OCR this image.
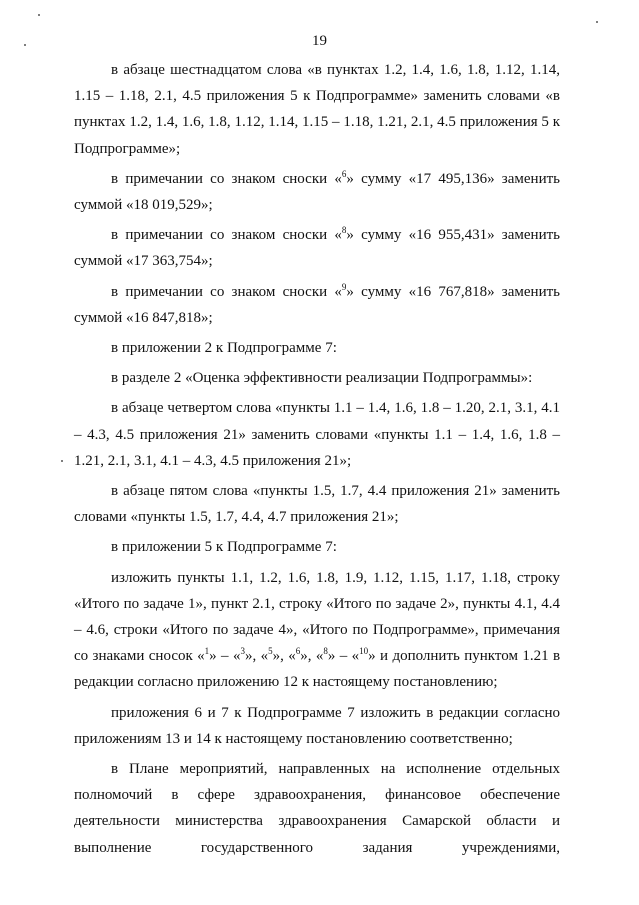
19

в абзаце шестнадцатом слова «в пунктах 1.2, 1.4, 1.6, 1.8, 1.12, 1.14, 1.15 – 1.18, 2.1, 4.5 приложения 5 к Подпрограмме» заменить словами «в пунктах 1.2, 1.4, 1.6, 1.8, 1.12, 1.14, 1.15 – 1.18, 1.21, 2.1, 4.5 приложения 5 к Подпрограмме»;

в примечании со знаком сноски «$^6$» сумму «17 495,136» заменить суммой «18 019,529»;

в примечании со знаком сноски «$^8$» сумму «16 955,431» заменить суммой «17 363,754»;

в примечании со знаком сноски «$^9$» сумму «16 767,818» заменить суммой «16 847,818»;

в приложении 2 к Подпрограмме 7:

в разделе 2 «Оценка эффективности реализации Подпрограммы»:

в абзаце четвертом слова «пункты 1.1 – 1.4, 1.6, 1.8 – 1.20, 2.1, 3.1, 4.1 – 4.3, 4.5 приложения 21» заменить словами «пункты 1.1 – 1.4, 1.6, 1.8 – 1.21, 2.1, 3.1, 4.1 – 4.3, 4.5 приложения 21»;

в абзаце пятом слова «пункты 1.5, 1.7, 4.4 приложения 21» заменить словами «пункты 1.5, 1.7, 4.4, 4.7 приложения 21»;

в приложении 5 к Подпрограмме 7:

изложить пункты 1.1, 1.2, 1.6, 1.8, 1.9, 1.12, 1.15, 1.17, 1.18, строку «Итого по задаче 1», пункт 2.1, строку «Итого по задаче 2», пункты 4.1, 4.4 – 4.6, строки «Итого по задаче 4», «Итого по Подпрограмме», примечания со знаками сносок «$^1$» – «$^3$», «$^5$», «$^6$», «$^8$» – «$^{10}$» и дополнить пунктом 1.21 в редакции согласно приложению 12 к настоящему постановлению;

приложения 6 и 7 к Подпрограмме 7 изложить в редакции согласно приложениям 13 и 14 к настоящему постановлению соответственно;

в Плане мероприятий, направленных на исполнение отдельных полномочий в сфере здравоохранения, финансовое обеспечение деятельности министерства здравоохранения Самарской области и выполнение государственного задания учреждениями,
